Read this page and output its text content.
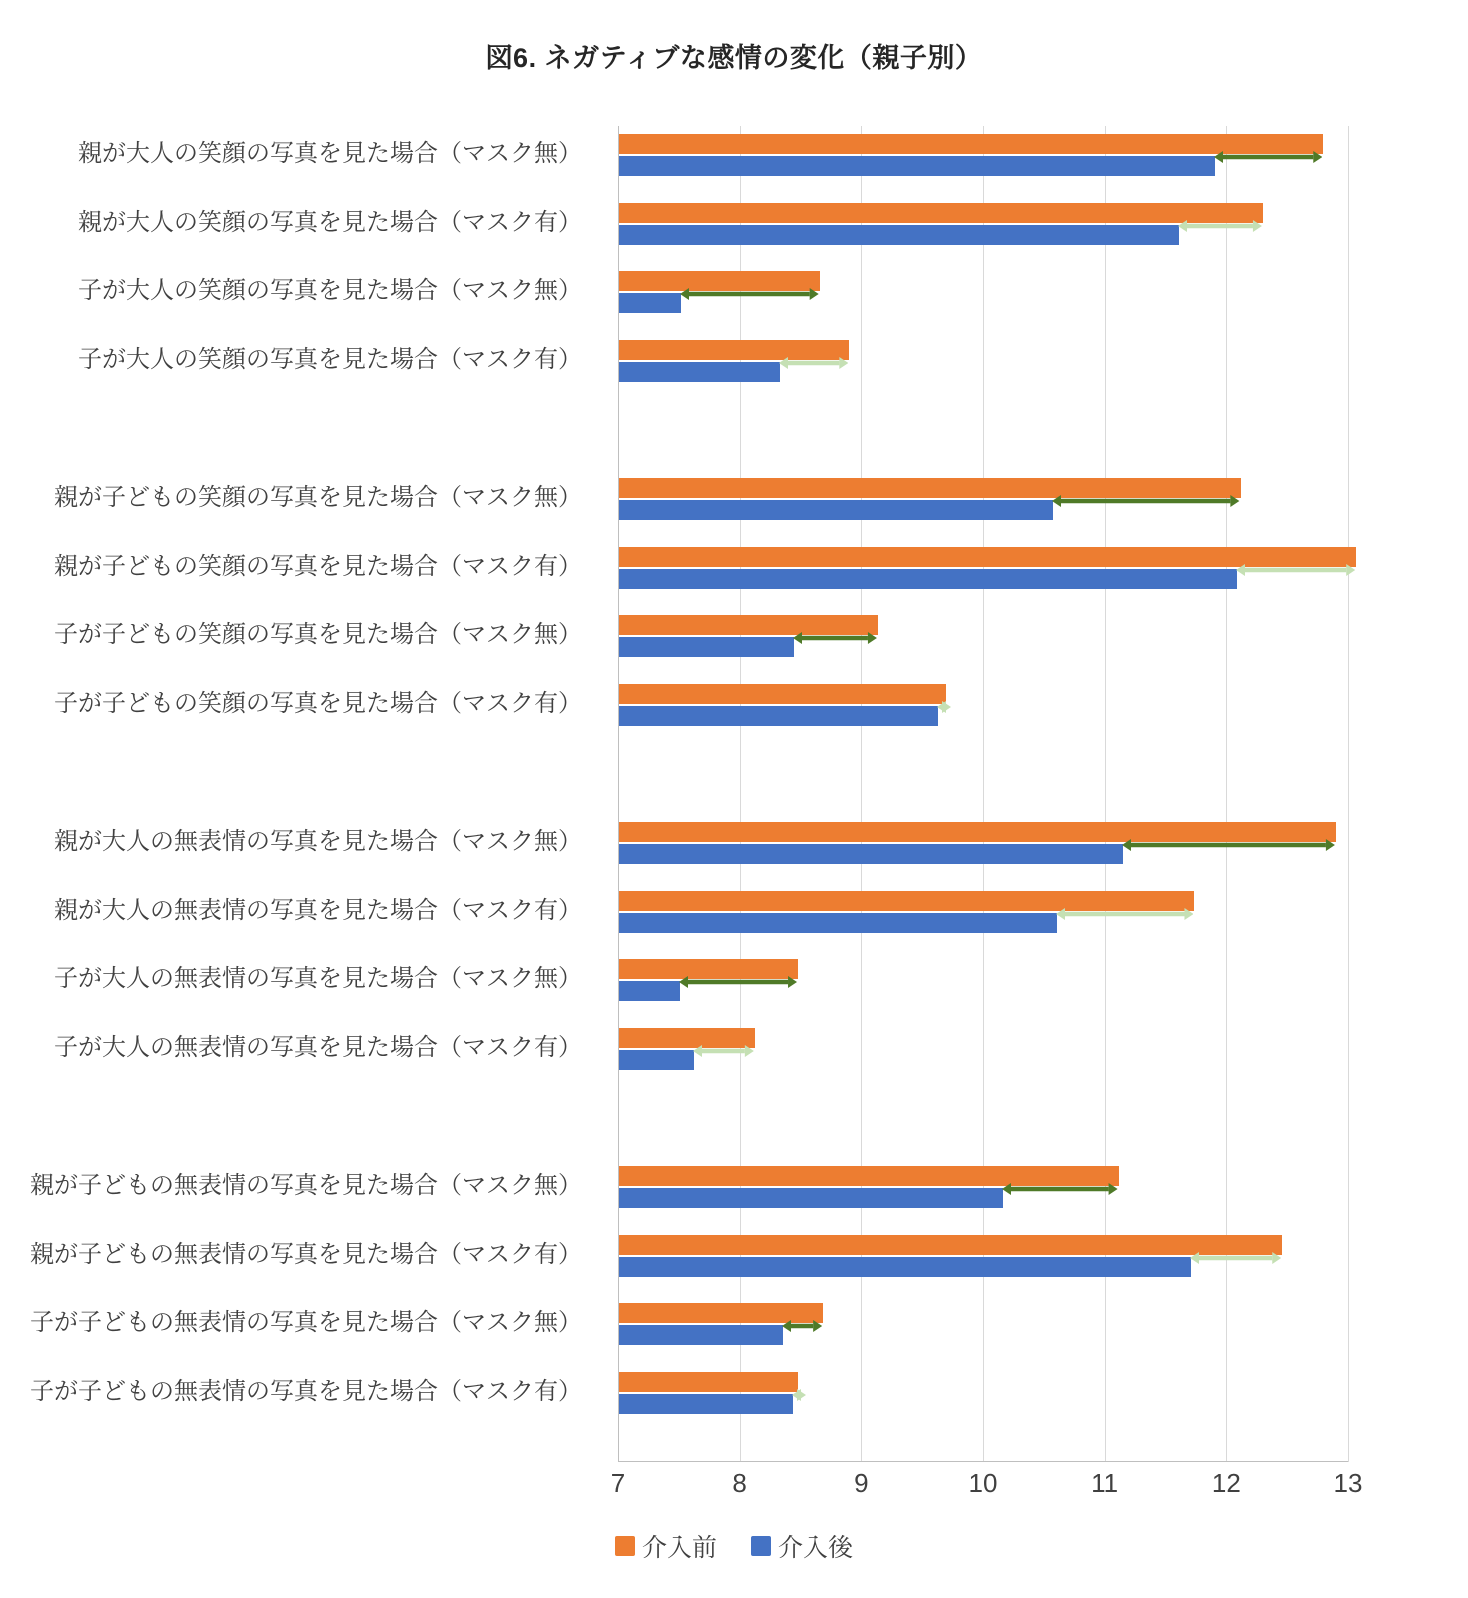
図6. ネガティブな感情の変化（親子別）
親が大人の笑顔の写真を見た場合（マスク無）
親が大人の笑顔の写真を見た場合（マスク有）
子が大人の笑顔の写真を見た場合（マスク無）
子が大人の笑顔の写真を見た場合（マスク有）
親が子どもの笑顔の写真を見た場合（マスク無）
親が子どもの笑顔の写真を見た場合（マスク有）
子が子どもの笑顔の写真を見た場合（マスク無）
子が子どもの笑顔の写真を見た場合（マスク有）
親が大人の無表情の写真を見た場合（マスク無）
親が大人の無表情の写真を見た場合（マスク有）
子が大人の無表情の写真を見た場合（マスク無）
子が大人の無表情の写真を見た場合（マスク有）
親が子どもの無表情の写真を見た場合（マスク無）
親が子どもの無表情の写真を見た場合（マスク有）
子が子どもの無表情の写真を見た場合（マスク無）
子が子どもの無表情の写真を見た場合（マスク有）
7	8	9	10	11	12	13
介入前 介入後
